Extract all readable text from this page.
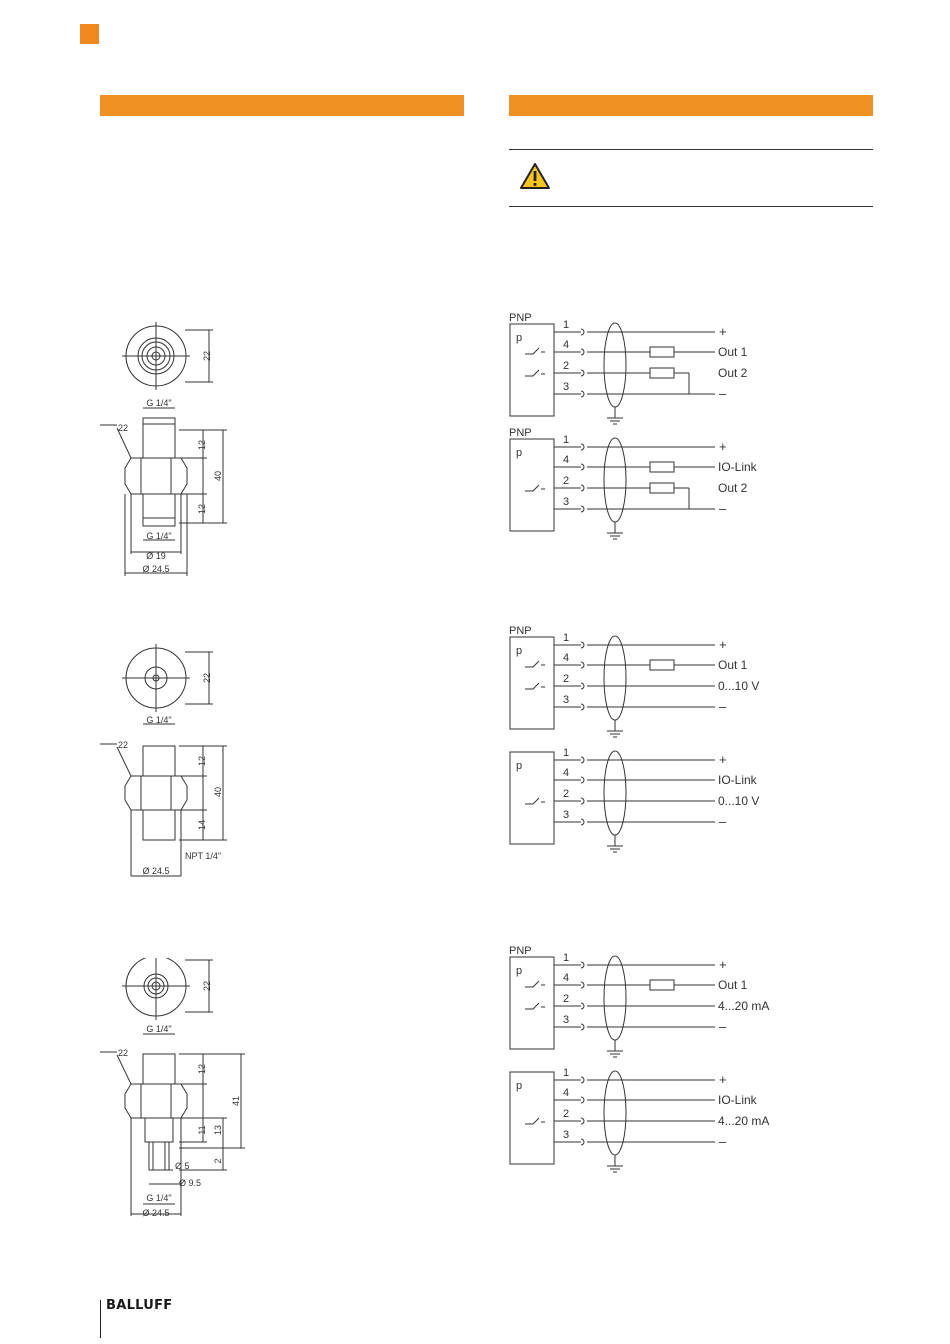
22
G 1/4"
22
12
40
12
G 1/4"
Ø 19
Ø 24.5
22
G 1/4"
22
12
40
14
NPT 1/4"
Ø 24.5
22
G 1/4"
22
12
41
11 13
2
Ø 5
Ø 9.5
G 1/4"
Ø 24.5
PNP
p
1
4
2
3
+
Out 1
Out 2
–
PNP
p
1
4
2
3
+
IO-Link
Out 2
–
PNP
p
1
4
2
3
+
Out 1
0...10 V
–
p
1
4
2
3
+
IO-Link
0...10 V
–
PNP
p
1
4
2
3
+
Out 1
4...20 mA
–
p
1
4
2
3
+
IO-Link
4...20 mA
–
BALLUFF
